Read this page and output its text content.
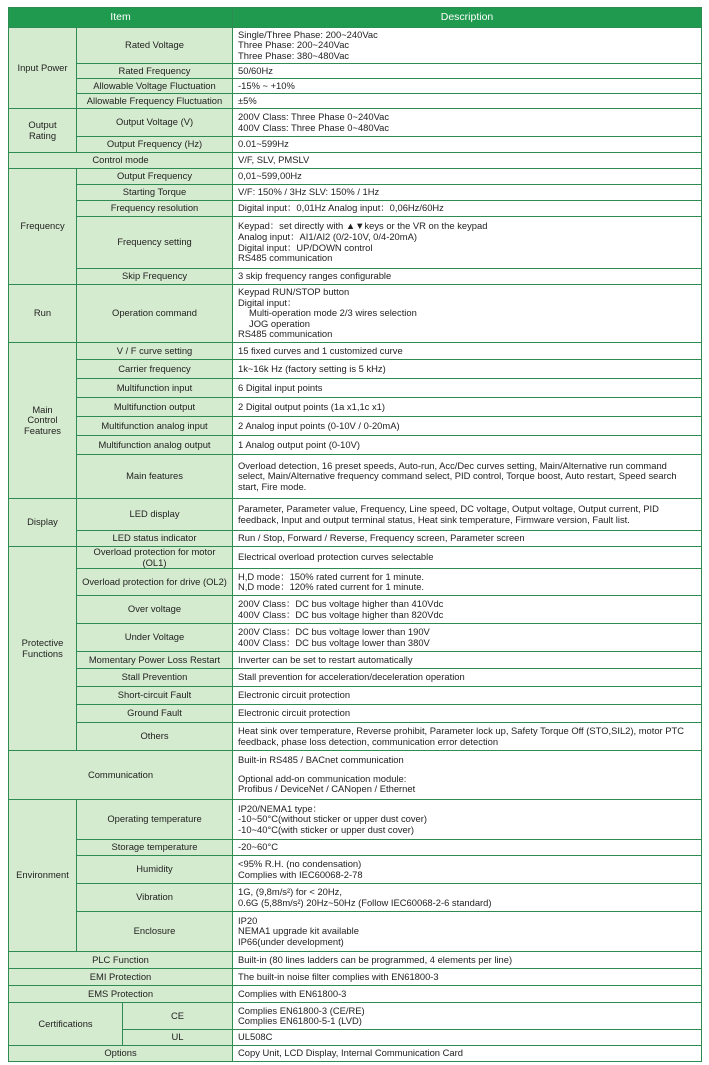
Item			Description
Input Power	Rated Voltage		Single/Three Phase: 200~240Vac
Three Phase: 200~240Vac
Three Phase: 380~480Vac

	Rated Frequency		50/60Hz
	Allowable Voltage Fluctuation		-15% ~ +10%
	Allowable Frequency Fluctuation		±5%
Output Rating	Output Voltage (V)		200V Class: Three Phase 0~240Vac
400V Class: Three Phase 0~480Vac

	Output Frequency (Hz)		0.01~599Hz
Control mode			V/F, SLV, PMSLV
Frequency	Output Frequency		0,01~599,00Hz
	Starting Torque		V/F: 150% / 3Hz SLV: 150% / 1Hz
	Frequency resolution		Digital input：0,01Hz Analog input：0,06Hz/60Hz
	Frequency setting		Keypad：set directly with ▲▼keys or the VR on the keypad
Analog input：AI1/AI2 (0/2-10V, 0/4-20mA)
Digital input：UP/DOWN control
RS485 communication

	Skip Frequency		3 skip frequency ranges configurable
Run	Operation command		Keypad RUN/STOP button
Digital input：
Multi-operation mode 2/3 wires selection
JOG operation
RS485 communication

Main
Control
Features	V / F curve setting		15 fixed curves and 1 customized curve
	Carrier frequency		1k~16k Hz (factory setting is 5 kHz)
	Multifunction input		6 Digital input points
	Multifunction output		2 Digital output points (1a x1,1c x1)
	Multifunction analog input		2 Analog input points (0-10V / 0-20mA)
	Multifunction analog output		1 Analog output point (0-10V)
	Main features		Overload detection, 16 preset speeds, Auto-run, Acc/Dec curves setting, Main/Alternative run command select, Main/Alternative frequency command select, PID control, Torque boost, Auto restart, Speed search start, Fire mode.
Display	LED display		Parameter, Parameter value, Frequency, Line speed, DC voltage, Output voltage, Output current, PID feedback, Input and output terminal status, Heat sink temperature, Firmware version, Fault list.
	LED status indicator		Run / Stop, Forward / Reverse, Frequency screen, Parameter screen

Protective
Functions	Overload protection for motor (OL1)		Electrical overload protection curves selectable
	Overload protection for drive (OL2)		H,D mode：150% rated current for 1 minute.
N,D mode：120% rated current for 1 minute.

	Over voltage		200V Class：DC bus voltage higher than 410Vdc
400V Class：DC bus voltage higher than 820Vdc

	Under Voltage		200V Class：DC bus voltage lower than 190V
400V Class：DC bus voltage lower than 380V

	Momentary Power Loss Restart		Inverter can be set to restart automatically
	Stall Prevention		Stall prevention for acceleration/deceleration operation
	Short-circuit Fault		Electronic circuit protection
	Ground Fault		Electronic circuit protection
	Others		Heat sink over temperature, Reverse prohibit, Parameter lock up, Safety Torque Off (STO,SIL2), motor PTC feedback, phase loss detection, communication error detection
Communication			Built-in RS485 / BACnet communication
Optional add-on communication module:
Profibus / DeviceNet / CANopen / Ethernet

Environment	Operating temperature		IP20/NEMA1 type：
-10~50°C(without sticker or upper dust cover)
-10~40°C(with sticker or upper dust cover)

	Storage temperature		-20~60°C
	Humidity		<95% R.H. (no condensation)
Complies with IEC60068-2-78

	Vibration		1G, (9,8m/s²) for < 20Hz,
0.6G (5,88m/s²) 20Hz~50Hz (Follow IEC60068-2-6 standard)

	Enclosure		IP20
NEMA1 upgrade kit available
IP66(under development)

PLC Function			Built-in (80 lines ladders can be programmed, 4 elements per line)
EMI Protection			The built-in noise filter complies with EN61800-3
EMS Protection			Complies with EN61800-3
Certifications		CE	Complies EN61800-3 (CE/RE)
Complies EN61800-5-1 (LVD)

		UL	UL508C
Options			Copy Unit, LCD Display, Internal Communication Card
